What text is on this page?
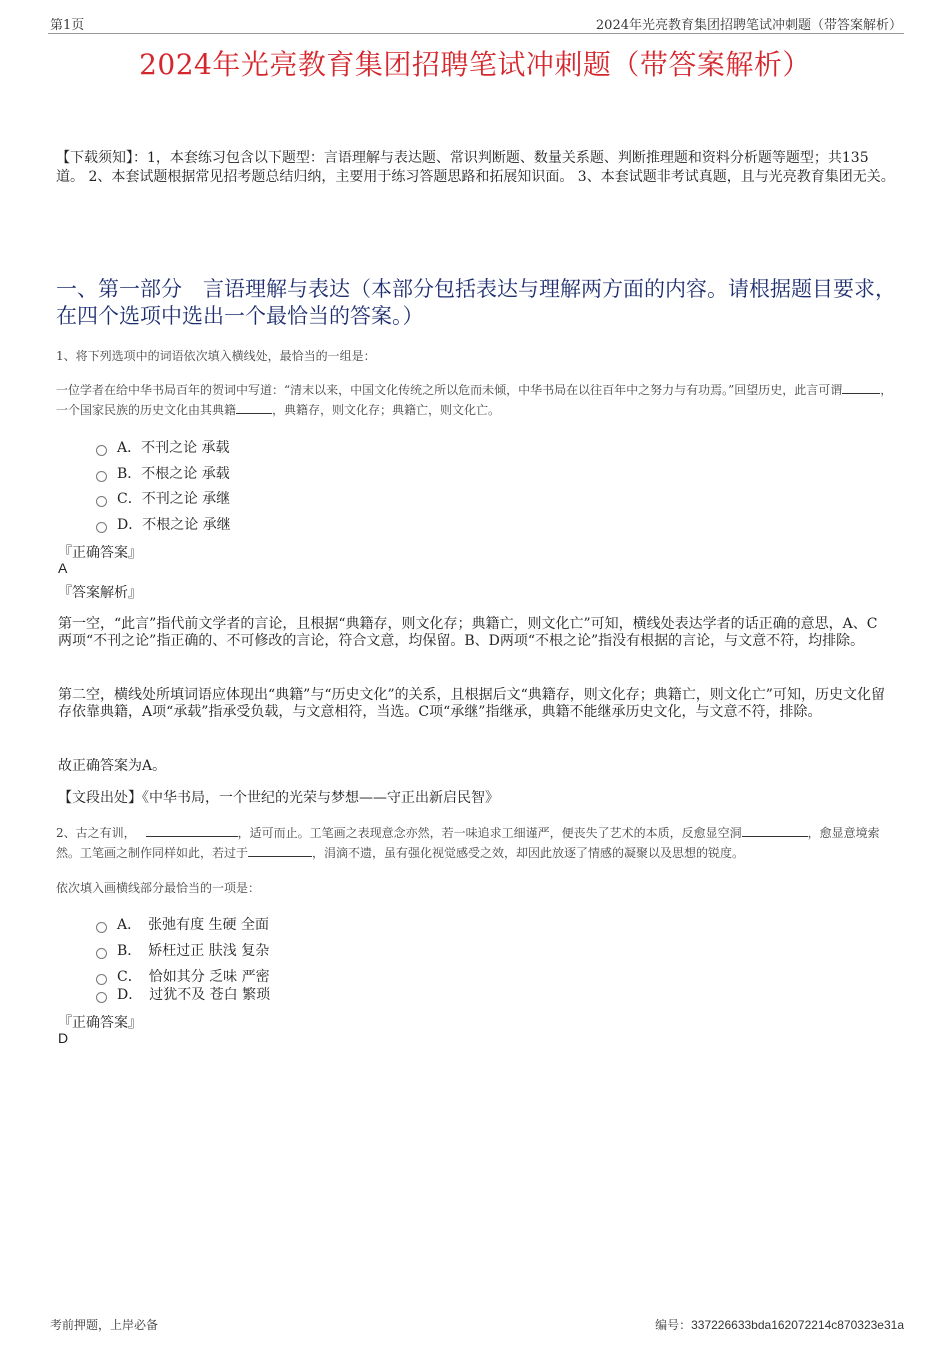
第1页	2024年光亮教育集团招聘笔试冲刺题（带答案解析）
2024年光亮教育集团招聘笔试冲刺题（带答案解析）
【下载须知】：1，本套练习包含以下题型：言语理解与表达题、常识判断题、数量关系题、判断推理题和资料分析题等题型；共135道。 2、本套试题根据常见招考题总结归纳，主要用于练习答题思路和拓展知识面。 3、本套试题非考试真题，且与光亮教育集团无关。
一、第一部分　言语理解与表达（本部分包括表达与理解两方面的内容。请根据题目要求，在四个选项中选出一个最恰当的答案。）
1、将下列选项中的词语依次填入横线处，最恰当的一组是：
一位学者在给中华书局百年的贺词中写道：“清末以来，中国文化传统之所以危而未倾，中华书局在以往百年中之努力与有功焉。”回望历史，此言可谓	，一个国家民族的历史文化由其典籍	，典籍存，则文化存；典籍亡，则文化亡。
A．不刊之论 承载
B．不根之论 承载
C．不刊之论 承继
D．不根之论 承继
『正确答案』
A
『答案解析』
第一空，“此言”指代前文学者的言论，且根据“典籍存，则文化存；典籍亡，则文化亡”可知，横线处表达学者的话正确的意思，A、C两项“不刊之论”指正确的、不可修改的言论，符合文意，均保留。B、D两项“不根之论”指没有根据的言论，与文意不符，均排除。
第二空，横线处所填词语应体现出“典籍”与“历史文化”的关系，且根据后文“典籍存，则文化存；典籍亡，则文化亡”可知，历史文化留存依靠典籍，A项“承载”指承受负载，与文意相符，当选。C项“承继”指继承，典籍不能继承历史文化，与文意不符，排除。
故正确答案为A。
【文段出处】《中华书局，一个世纪的光荣与梦想——守正出新启民智》
2、古之有训，	，适可而止。工笔画之表现意念亦然，若一味追求工细谨严，便丧失了艺术的本质，反愈显空洞	，愈显意境索然。工笔画之制作同样如此，若过于	，涓滴不遗，虽有强化视觉感受之效，却因此放逐了情感的凝聚以及思想的锐度。
依次填入画横线部分最恰当的一项是：
A．　张弛有度 生硬 全面
B．　矫枉过正 肤浅 复杂
C．　恰如其分 乏味 严密
D．　过犹不及 苍白 繁琐
『正确答案』
D
考前押题，上岸必备	编号：337226633bda162072214c870323e31a
